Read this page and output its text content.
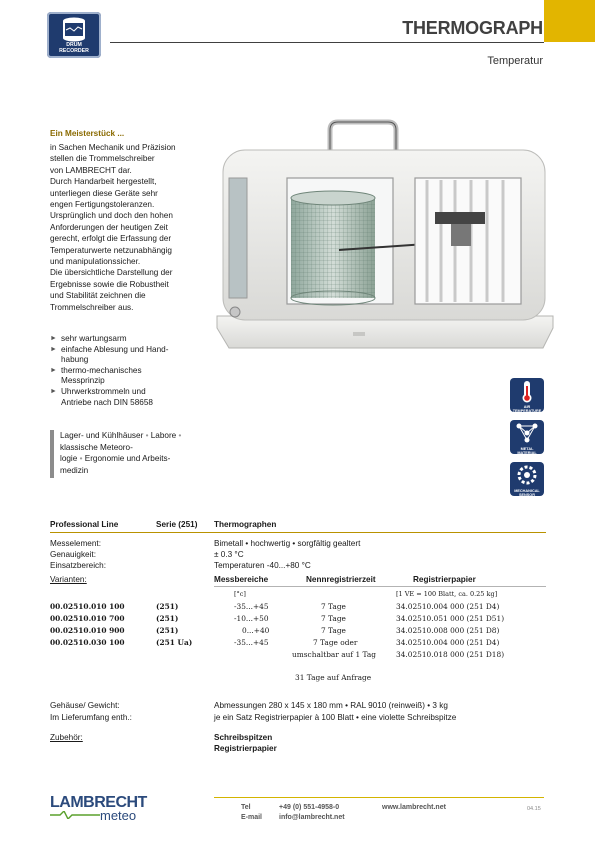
DRUM
RECORDER
THERMOGRAPH
Temperatur
Ein Meisterstück ...
in Sachen Mechanik und Präzision
stellen die Trommelschreiber
von LAMBRECHT dar.
Durch Handarbeit hergestellt,
unterliegen diese Geräte sehr
engen Fertigungstoleranzen.
Ursprünglich und doch den hohen
Anforderungen der heutigen Zeit
gerecht, erfolgt die Erfassung der
Temperaturwerte netzunabhängig
und manipulationssicher.
Die übersichtliche Darstellung der
Ergebnisse sowie die Robustheit
und Stabilität zeichnen die
Trommelschreiber aus.
► sehr wartungsarm
► einfache Ablesung und Hand-
habung
► thermo-mechanisches
Messprinzip
► Uhrwerkstrommeln und
Antriebe nach DIN 58658
Lager- und Kühlhäuser • Labore • klassische Meteoro-
logie • Ergonomie und Arbeits-
medizin
AIR
TEMPERATURE
METAL
MATERIAL
MECHANICAL
SENSOR
Professional Line	Serie (251) Thermographen
Messelement:	Bimetall • hochwertig • sorgfältig gealtert
Genauigkeit:	± 0.3 °C
Einsatzbereich:	Temperaturen -40...+80 °C
Varianten:	Messbereiche	Nennregistrierzeit	Registrierpapier
[°c]	[1 VE = 100 Blatt, ca. 0.25 kg]
00.02510.010 100	(251)	-35...+45	7 Tage	34.02510.004 000 (251 D4)
00.02510.010 700	(251)	-10...+50	7 Tage	34.02510.051 000 (251 D51)
00.02510.010 900	(251)	0...+40	7 Tage	34.02510.008 000 (251 D8)
00.02510.030 100	(251 Ua)	-35...+45	7 Tage oder	34.02510.004 000 (251 D4)
umschaltbar auf 1 Tag	34.02510.018 000 (251 D18)
31 Tage auf Anfrage
Gehäuse/ Gewicht:	Abmessungen 280 x 145 x 180 mm • RAL 9010 (reinweiß) • 3 kg
Im Lieferumfang enth.:	je ein Satz Registrierpapier à 100 Blatt • eine violette Schreibspitze
Zubehör:	Schreibspitzen
Registrierpapier
LAMBRECHT
meteo
Tel	+49 (0) 551-4958-0
E-mail info@lambrecht.net
www.lambrecht.net	04.15
